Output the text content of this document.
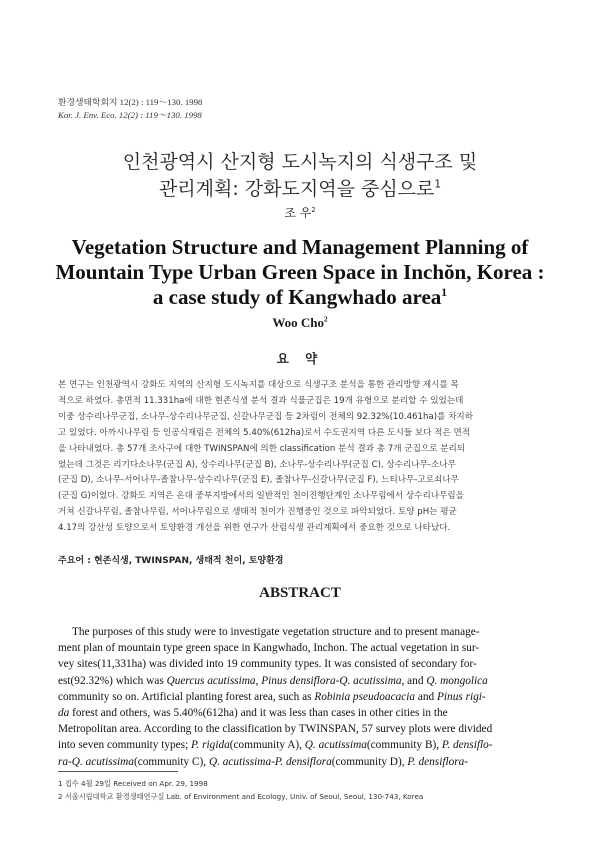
환경생태학회지 12(2) : 119～130. 1998
Kor. J. Env. Eco. 12(2) : 119～130. 1998
인천광역시 산지형 도시녹지의 식생구조 및
관리계획: 강화도지역을 중심으로$^1$
조 우$^2$
Vegetation Structure and Management Planning of
Mountain Type Urban Green Space in Inchŏn, Korea :
a case study of Kangwhado area$^1$
Woo Cho$^2$
요 약
본 연구는 인천광역시 강화도 지역의 산지형 도시녹지를 대상으로 식생구조 분석을 통한 관리방향 제시를 목
적으로 하였다. 총면적 11.331ha에 대한 현존식생 분석 결과 식물군집은 19개 유형으로 분리할 수 있었는데
이중 상수리나무군집, 소나무-상수리나무군집, 신갈나무군집 등 2차림이 전체의 92.32%(10.461ha)를 차지하
고 있었다. 아까시나무림 등 인공식재림은 전체의 5.40%(612ha)로서 수도권지역 다른 도시들 보다 적은 면적
을 나타내었다. 총 57개 조사구에 대한 TWINSPAN에 의한 classification 분석 결과 총 7개 군집으로 분리되
었는데 그것은 리기다소나무(군집 A), 상수리나무(군집 B), 소나무-상수리나무(군집 C), 상수리나무-소나무
(군집 D), 소나무-서어나무-졸참나무-상수리나무(군집 E), 졸참나무-신갈나무(군집 F), 느티나무-고로쇠나무
(군집 G)이었다. 강화도 지역은 온대 중부지방에서의 일반적인 천이진행단계인 소나무림에서 상수리나무림을
거쳐 신갈나무림, 졸참나무림, 서어나무림으로 생태적 천이가 진행중인 것으로 파악되었다. 토양 pH는 평균
4.17의 강산성 토양으로서 토양환경 개선을 위한 연구가 산림식생 관리계획에서 중요한 것으로 나타났다.
주요어 : 현존식생, TWINSPAN, 생태적 천이, 토양환경
ABSTRACT
The purposes of this study were to investigate vegetation structure and to present manage-
ment plan of mountain type green space in Kangwhado, Inchon. The actual vegetation in sur-
vey sites(11,331ha) was divided into 19 community types. It was consisted of secondary for-
est(92.32%) which was Quercus acutissima, Pinus densiflora-Q. acutissima, and Q. mongolica
community so on. Artificial planting forest area, such as Robinia pseudoacacia and Pinus rigi-
da forest and others, was 5.40%(612ha) and it was less than cases in other cities in the
Metropolitan area. According to the classification by TWINSPAN, 57 survey plots were divided
into seven community types; P. rigida(community A), Q. acutissima(community B), P. densiflo-
ra-Q. acutissima(community C), Q. acutissima-P. densiflora(community D), P. densiflora-
1 접수 4월 29일 Received on Apr. 29, 1998
2 서울시립대학교 환경생태연구실 Lab. of Environment and Ecology, Univ. of Seoul, Seoul, 130-743, Korea
